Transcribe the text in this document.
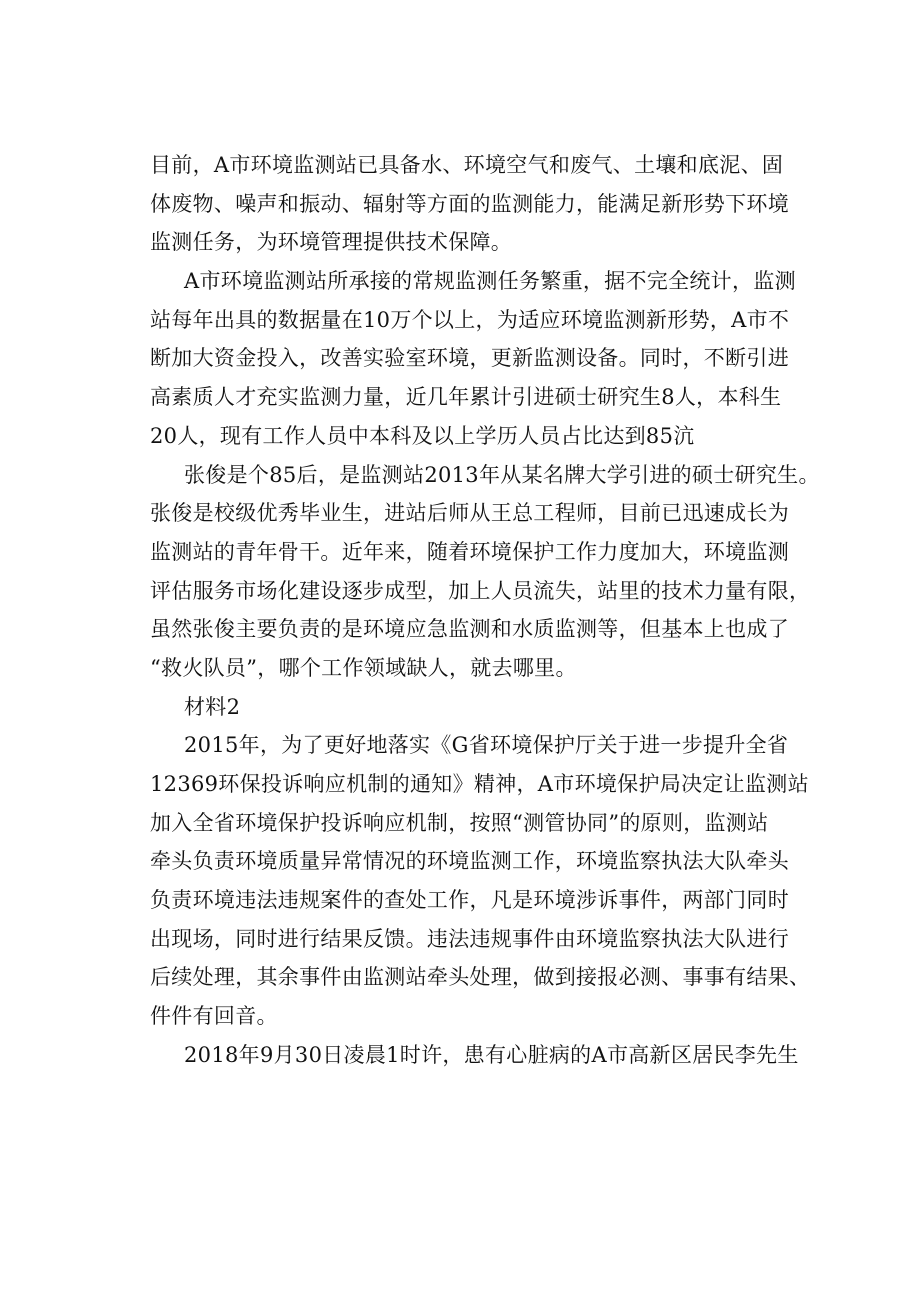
目前，A市环境监测站已具备水、环境空气和废气、土壤和底泥、固
体废物、噪声和振动、辐射等方面的监测能力，能满足新形势下环境
监测任务，为环境管理提供技术保障。
A市环境监测站所承接的常规监测任务繁重，据不完全统计，监测
站每年出具的数据量在10万个以上，为适应环境监测新形势，A市不
断加大资金投入，改善实验室环境，更新监测设备。同时，不断引进
高素质人才充实监测力量，近几年累计引进硕士研究生8人，本科生
20人，现有工作人员中本科及以上学历人员占比达到85沆
张俊是个85后，是监测站2013年从某名牌大学引进的硕士研究生。
张俊是校级优秀毕业生，进站后师从王总工程师，目前已迅速成长为
监测站的青年骨干。近年来，随着环境保护工作力度加大，环境监测
评估服务市场化建设逐步成型，加上人员流失，站里的技术力量有限，
虽然张俊主要负责的是环境应急监测和水质监测等，但基本上也成了
“救火队员”，哪个工作领域缺人，就去哪里。
材料2
2015年，为了更好地落实《G省环境保护厅关于进一步提升全省
12369环保投诉响应机制的通知》精神，A市环境保护局决定让监测站
加入全省环境保护投诉响应机制，按照“测管协同”的原则，监测站
牵头负责环境质量异常情况的环境监测工作，环境监察执法大队牵头
负责环境违法违规案件的查处工作，凡是环境涉诉事件，两部门同时
出现场，同时进行结果反馈。违法违规事件由环境监察执法大队进行
后续处理，其余事件由监测站牵头处理，做到接报必测、事事有结果、
件件有回音。
2018年9月30日凌晨1时许，患有心脏病的A市高新区居民李先生
